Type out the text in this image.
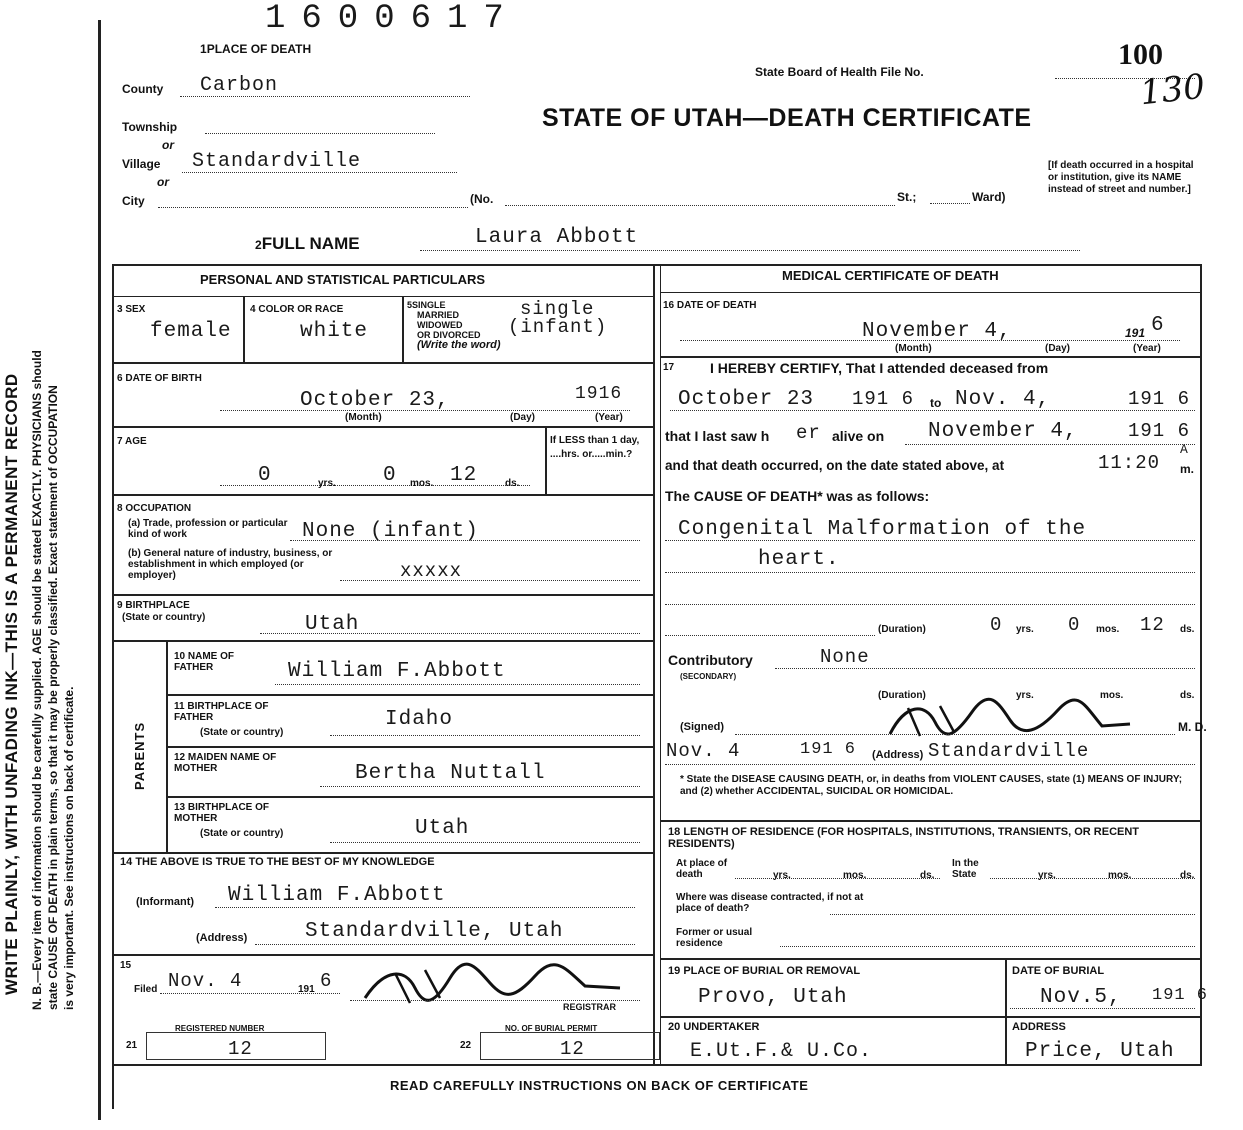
WRITE PLAINLY, WITH UNFADING INK—THIS IS A PERMANENT RECORD N. B.—Every item of information should be carefully supplied. AGE should be stated EXACTLY. PHYSICIANS should state CAUSE OF DEATH in plain terms, so that it may be properly classified. Exact statement of OCCUPATION is very important. See instructions on back of certificate.
1600617
1PLACE OF DEATH
State Board of Health File No.
100
130
STATE OF UTAH—DEATH CERTIFICATE
[If death occurred in a hospital or institution, give its NAME instead of street and number.]
County Carbon
Township
or
Village Standardville
or
City	(No.	St.;	Ward)
2FULL NAME	Laura Abbott
PERSONAL AND STATISTICAL PARTICULARS
3 SEX
female
4 COLOR OR RACE
white
5SINGLE
MARRIED
WIDOWED
OR DIVORCED
(Write the word)
single
(infant)
6 DATE OF BIRTH
October 23,	1916
(Month)	(Day)	(Year)
7 AGE
0	yrs. 0 mos. 12	ds.
If LESS than 1 day, ....hrs. or.....min.?
8 OCCUPATION
(a) Trade, profession or particular kind of work	None (infant)
(b) General nature of industry, business, or establishment in which employed (or employer)	xxxxx
9 BIRTHPLACE
(State or country)	Utah
PARENTS
10 NAME OF FATHER	William F.Abbott
11 BIRTHPLACE OF FATHER
(State or country)
Idaho
12 MAIDEN NAME OF MOTHER	Bertha Nuttall
13 BIRTHPLACE OF MOTHER
(State or country)	Utah
14 THE ABOVE IS TRUE TO THE BEST OF MY KNOWLEDGE
(Informant) William F.Abbott
(Address)	Standardville, Utah
15
Filed Nov. 4	191 6
REGISTRAR
REGISTERED NUMBER
21	12
NO. OF BURIAL PERMIT
22	12
MEDICAL CERTIFICATE OF DEATH
16 DATE OF DEATH
November 4,	191 6
(Month)	(Day)	(Year)
17	I HEREBY CERTIFY, That I attended deceased from
October 23 191 6 to Nov. 4,	191 6
that I last saw h er alive on November 4,	191 6
and that death occurred, on the date stated above, at	11:20
A
m.
The CAUSE OF DEATH* was as follows:
Congenital Malformation of the
heart.
(Duration)	0 yrs. 0 mos. 12 ds.
Contributory
(SECONDARY)
None
(Duration)	yrs.	mos.	ds.
(Signed)	M. D.
Nov. 4	191 6 (Address) Standardville
* State the DISEASE CAUSING DEATH, or, in deaths from VIOLENT CAUSES, state (1) MEANS OF INJURY; and (2) whether ACCIDENTAL, SUICIDAL OR HOMICIDAL.
18 LENGTH OF RESIDENCE (FOR HOSPITALS, INSTITUTIONS, TRANSIENTS, OR RECENT RESIDENTS)
At place of death	yrs.	mos.	ds.
In the State	yrs.	mos.	ds.
Where was disease contracted, if not at place of death?
Former or usual residence
19 PLACE OF BURIAL OR REMOVAL
Provo, Utah
DATE OF BURIAL
Nov.5, 191 6
20 UNDERTAKER
E.Ut.F.& U.Co.
ADDRESS
Price, Utah
READ CAREFULLY INSTRUCTIONS ON BACK OF CERTIFICATE
